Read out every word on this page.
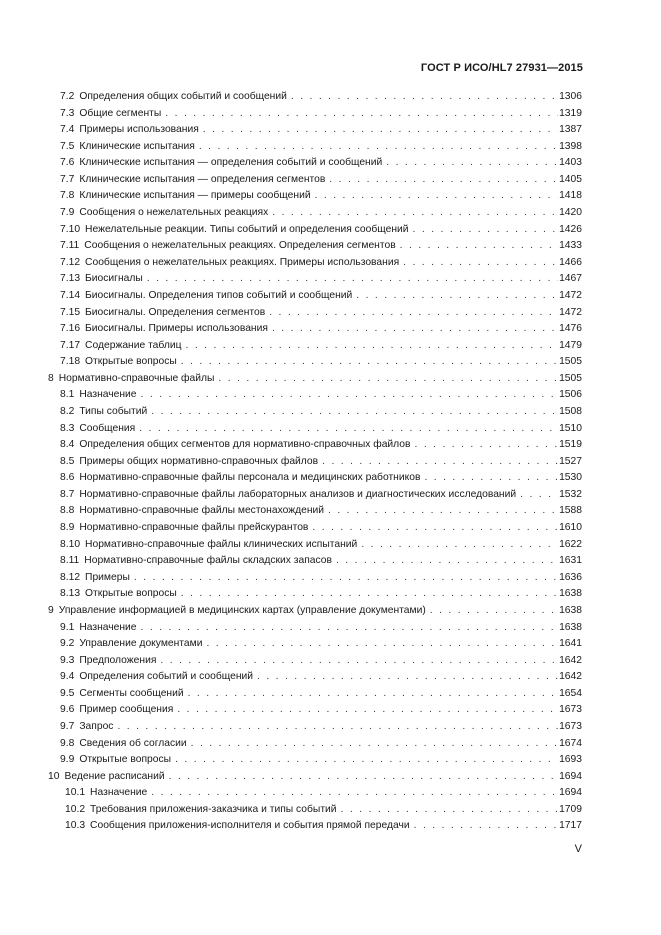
ГОСТ Р ИСО/HL7 27931—2015
7.2 Определения общих событий и сообщений . . .	1306
7.3 Общие сегменты . . .	1319
7.4 Примеры использования . . .	1387
7.5 Клинические испытания . . .	1398
7.6 Клинические испытания — определения событий и сообщений . . .	1403
7.7 Клинические испытания — определения сегментов . . .	1405
7.8 Клинические испытания — примеры сообщений . . .	1418
7.9 Сообщения о нежелательных реакциях . . .	1420
7.10 Нежелательные реакции. Типы событий и определения сообщений . . .	1426
7.11 Сообщения о нежелательных реакциях. Определения сегментов . . .	1433
7.12 Сообщения о нежелательных реакциях. Примеры использования . . .	1466
7.13 Биосигналы . . .	1467
7.14 Биосигналы. Определения типов событий и сообщений . . .	1472
7.15 Биосигналы. Определения сегментов . . .	1472
7.16 Биосигналы. Примеры использования . . .	1476
7.17 Содержание таблиц . . .	1479
7.18 Открытые вопросы . . .	1505
8 Нормативно-справочные файлы . . .	1505
8.1 Назначение . . .	1506
8.2 Типы событий . . .	1508
8.3 Сообщения . . .	1510
8.4 Определения общих сегментов для нормативно-справочных файлов . . .	1519
8.5 Примеры общих нормативно-справочных файлов . . .	1527
8.6 Нормативно-справочные файлы персонала и медицинских работников . . .	1530
8.7 Нормативно-справочные файлы лабораторных анализов и диагностических исследований . . .	1532
8.8 Нормативно-справочные файлы местонахождений . . .	1588
8.9 Нормативно-справочные файлы прейскурантов . . .	1610
8.10 Нормативно-справочные файлы клинических испытаний . . .	1622
8.11 Нормативно-справочные файлы складских запасов . . .	1631
8.12 Примеры . . .	1636
8.13 Открытые вопросы . . .	1638
9 Управление информацией в медицинских картах (управление документами) . . .	1638
9.1 Назначение . . .	1638
9.2 Управление документами . . .	1641
9.3 Предположения . . .	1642
9.4 Определения событий и сообщений . . .	1642
9.5 Сегменты сообщений . . .	1654
9.6 Пример сообщения . . .	1673
9.7 Запрос . . .	1673
9.8 Сведения об согласии . . .	1674
9.9 Открытые вопросы . . .	1693
10 Ведение расписаний . . .	1694
10.1 Назначение . . .	1694
10.2 Требования приложения-заказчика и типы событий . . .	1709
10.3 Сообщения приложения-исполнителя и события прямой передачи . . .	1717
V
